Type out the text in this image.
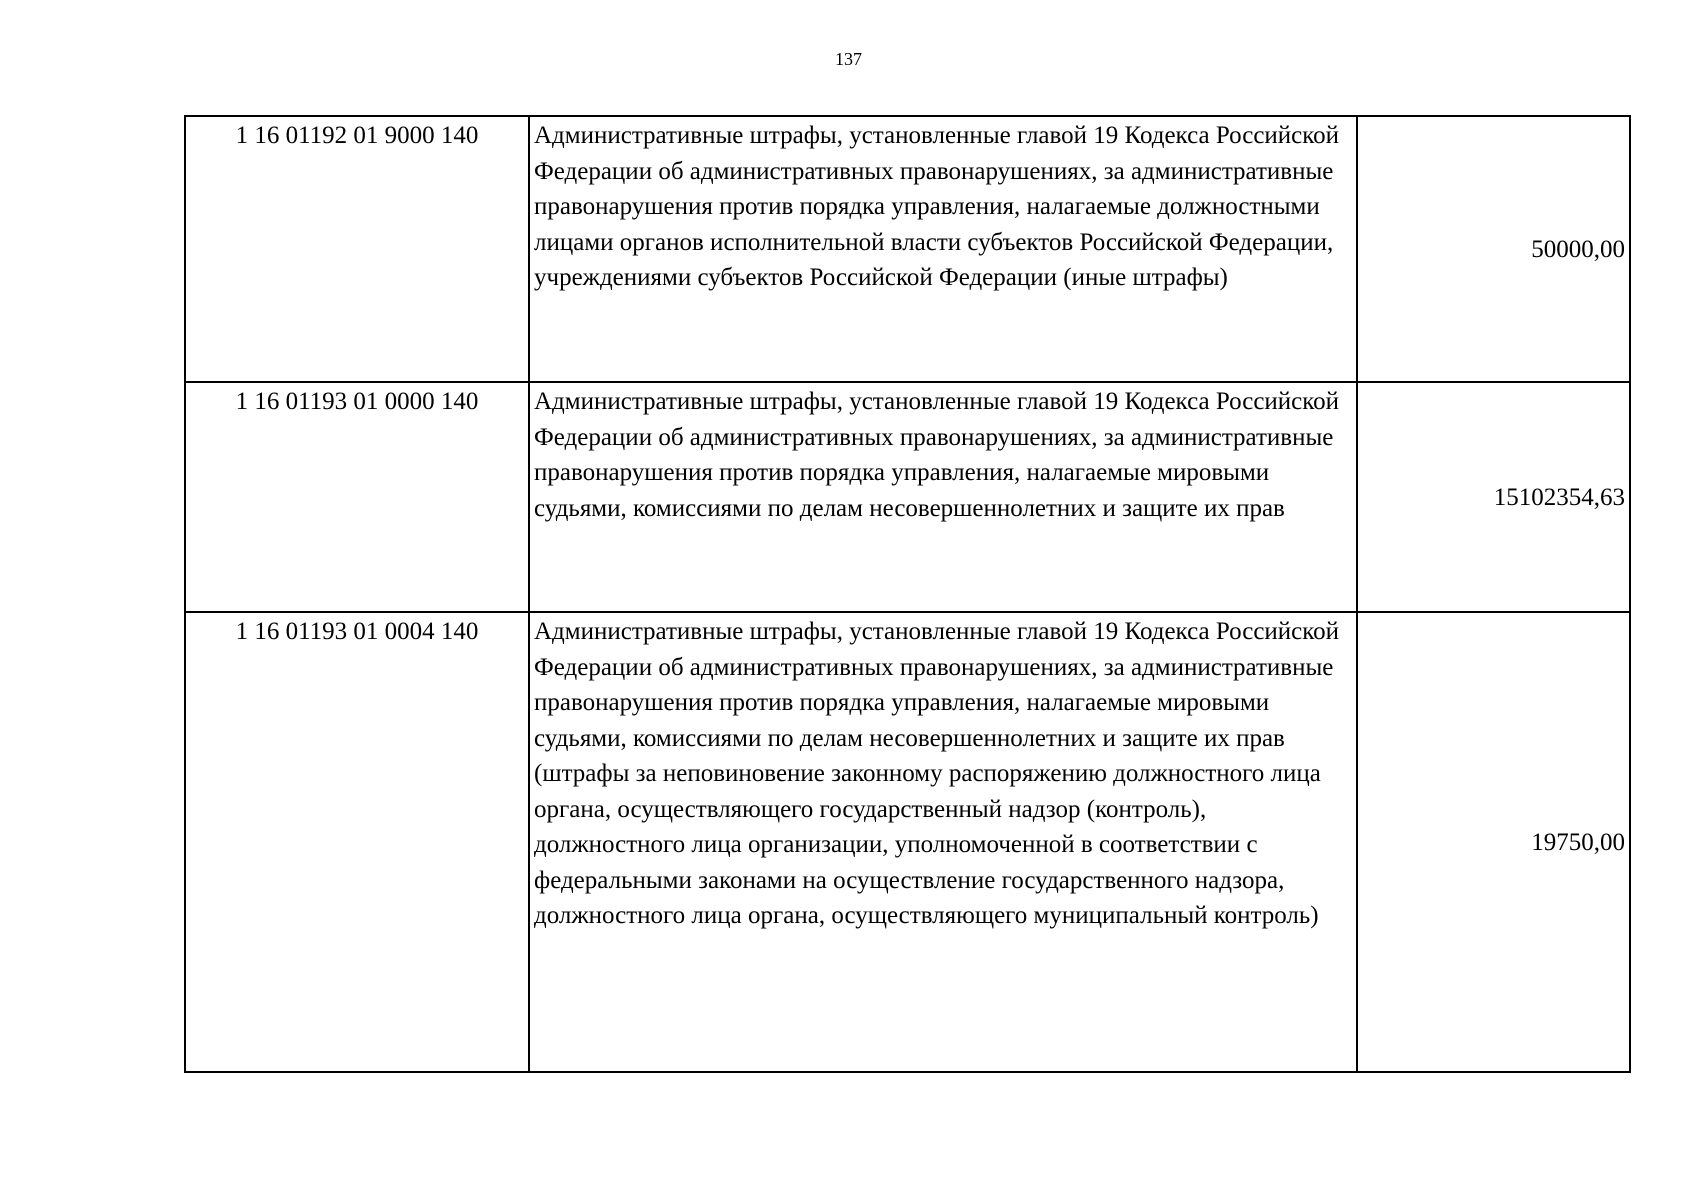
137
1 16 01192 01 9000 140	Административные штрафы, установленные главой 19 Кодекса Российской Федерации об административных правонарушениях, за административные правонарушения против порядка управления, налагаемые должностными лицами органов исполнительной власти субъектов Российской Федерации, учреждениями субъектов Российской Федерации (иные штрафы)	50000,00
1 16 01193 01 0000 140	Административные штрафы, установленные главой 19 Кодекса Российской Федерации об административных правонарушениях, за административные правонарушения против порядка управления, налагаемые мировыми судьями, комиссиями по делам несовершеннолетних и защите их прав	15102354,63
1 16 01193 01 0004 140	Административные штрафы, установленные главой 19 Кодекса Российской Федерации об административных правонарушениях, за административные правонарушения против порядка управления, налагаемые мировыми судьями, комиссиями по делам несовершеннолетних и защите их прав (штрафы за неповиновение законному распоряжению должностного лица органа, осуществляющего государственный надзор (контроль), должностного лица организации, уполномоченной в соответствии с федеральными законами на осуществление государственного надзора, должностного лица органа, осуществляющего муниципальный контроль)	19750,00
